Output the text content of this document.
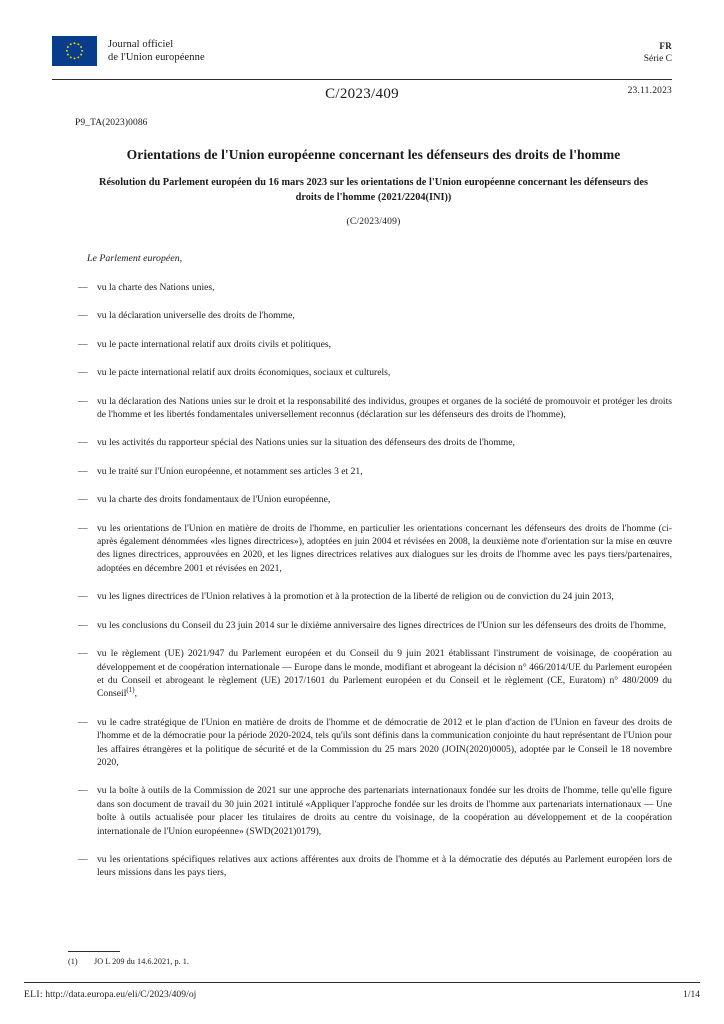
Journal officiel
de l'Union européenne
FR
Série C
C/2023/409	23.11.2023

P9_TA(2023)0086

Orientations de l'Union européenne concernant les défenseurs des droits de l'homme
Résolution du Parlement européen du 16 mars 2023 sur les orientations de l'Union européenne concernant les défenseurs des droits de l'homme (2021/2204(INI))
(C/2023/409)

Le Parlement européen,

— vu la charte des Nations unies,
— vu la déclaration universelle des droits de l'homme,
— vu le pacte international relatif aux droits civils et politiques,
— vu le pacte international relatif aux droits économiques, sociaux et culturels,
— vu la déclaration des Nations unies sur le droit et la responsabilité des individus, groupes et organes de la société de promouvoir et protéger les droits de l'homme et les libertés fondamentales universellement reconnus (déclaration sur les défenseurs des droits de l'homme),
— vu les activités du rapporteur spécial des Nations unies sur la situation des défenseurs des droits de l'homme,
— vu le traité sur l'Union européenne, et notamment ses articles 3 et 21,
— vu la charte des droits fondamentaux de l'Union européenne,
— vu les orientations de l'Union en matière de droits de l'homme, en particulier les orientations concernant les défenseurs des droits de l'homme (ci-après également dénommées «les lignes directrices»), adoptées en juin 2004 et révisées en 2008, la deuxième note d'orientation sur la mise en œuvre des lignes directrices, approuvées en 2020, et les lignes directrices relatives aux dialogues sur les droits de l'homme avec les pays tiers/partenaires, adoptées en décembre 2001 et révisées en 2021,
— vu les lignes directrices de l'Union relatives à la promotion et à la protection de la liberté de religion ou de conviction du 24 juin 2013,
— vu les conclusions du Conseil du 23 juin 2014 sur le dixième anniversaire des lignes directrices de l'Union sur les défenseurs des droits de l'homme,
— vu le règlement (UE) 2021/947 du Parlement européen et du Conseil du 9 juin 2021 établissant l'instrument de voisinage, de coopération au développement et de coopération internationale — Europe dans le monde, modifiant et abrogeant la décision n° 466/2014/UE du Parlement européen et du Conseil et abrogeant le règlement (UE) 2017/1601 du Parlement européen et du Conseil et le règlement (CE, Euratom) n° 480/2009 du Conseil$^{(1)}$,
— vu le cadre stratégique de l'Union en matière de droits de l'homme et de démocratie de 2012 et le plan d'action de l'Union en faveur des droits de l'homme et de la démocratie pour la période 2020-2024, tels qu'ils sont définis dans la communication conjointe du haut représentant de l'Union pour les affaires étrangères et la politique de sécurité et de la Commission du 25 mars 2020 (JOIN(2020)0005), adoptée par le Conseil le 18 novembre 2020,
— vu la boîte à outils de la Commission de 2021 sur une approche des partenariats internationaux fondée sur les droits de l'homme, telle qu'elle figure dans son document de travail du 30 juin 2021 intitulé «Appliquer l'approche fondée sur les droits de l'homme aux partenariats internationaux — Une boîte à outils actualisée pour placer les titulaires de droits au centre du voisinage, de la coopération au développement et de la coopération internationale de l'Union européenne» (SWD(2021)0179),
— vu les orientations spécifiques relatives aux actions afférentes aux droits de l'homme et à la démocratie des députés au Parlement européen lors de leurs missions dans les pays tiers,
(1) JO L 209 du 14.6.2021, p. 1.
ELI: http://data.europa.eu/eli/C/2023/409/oj	1/14
